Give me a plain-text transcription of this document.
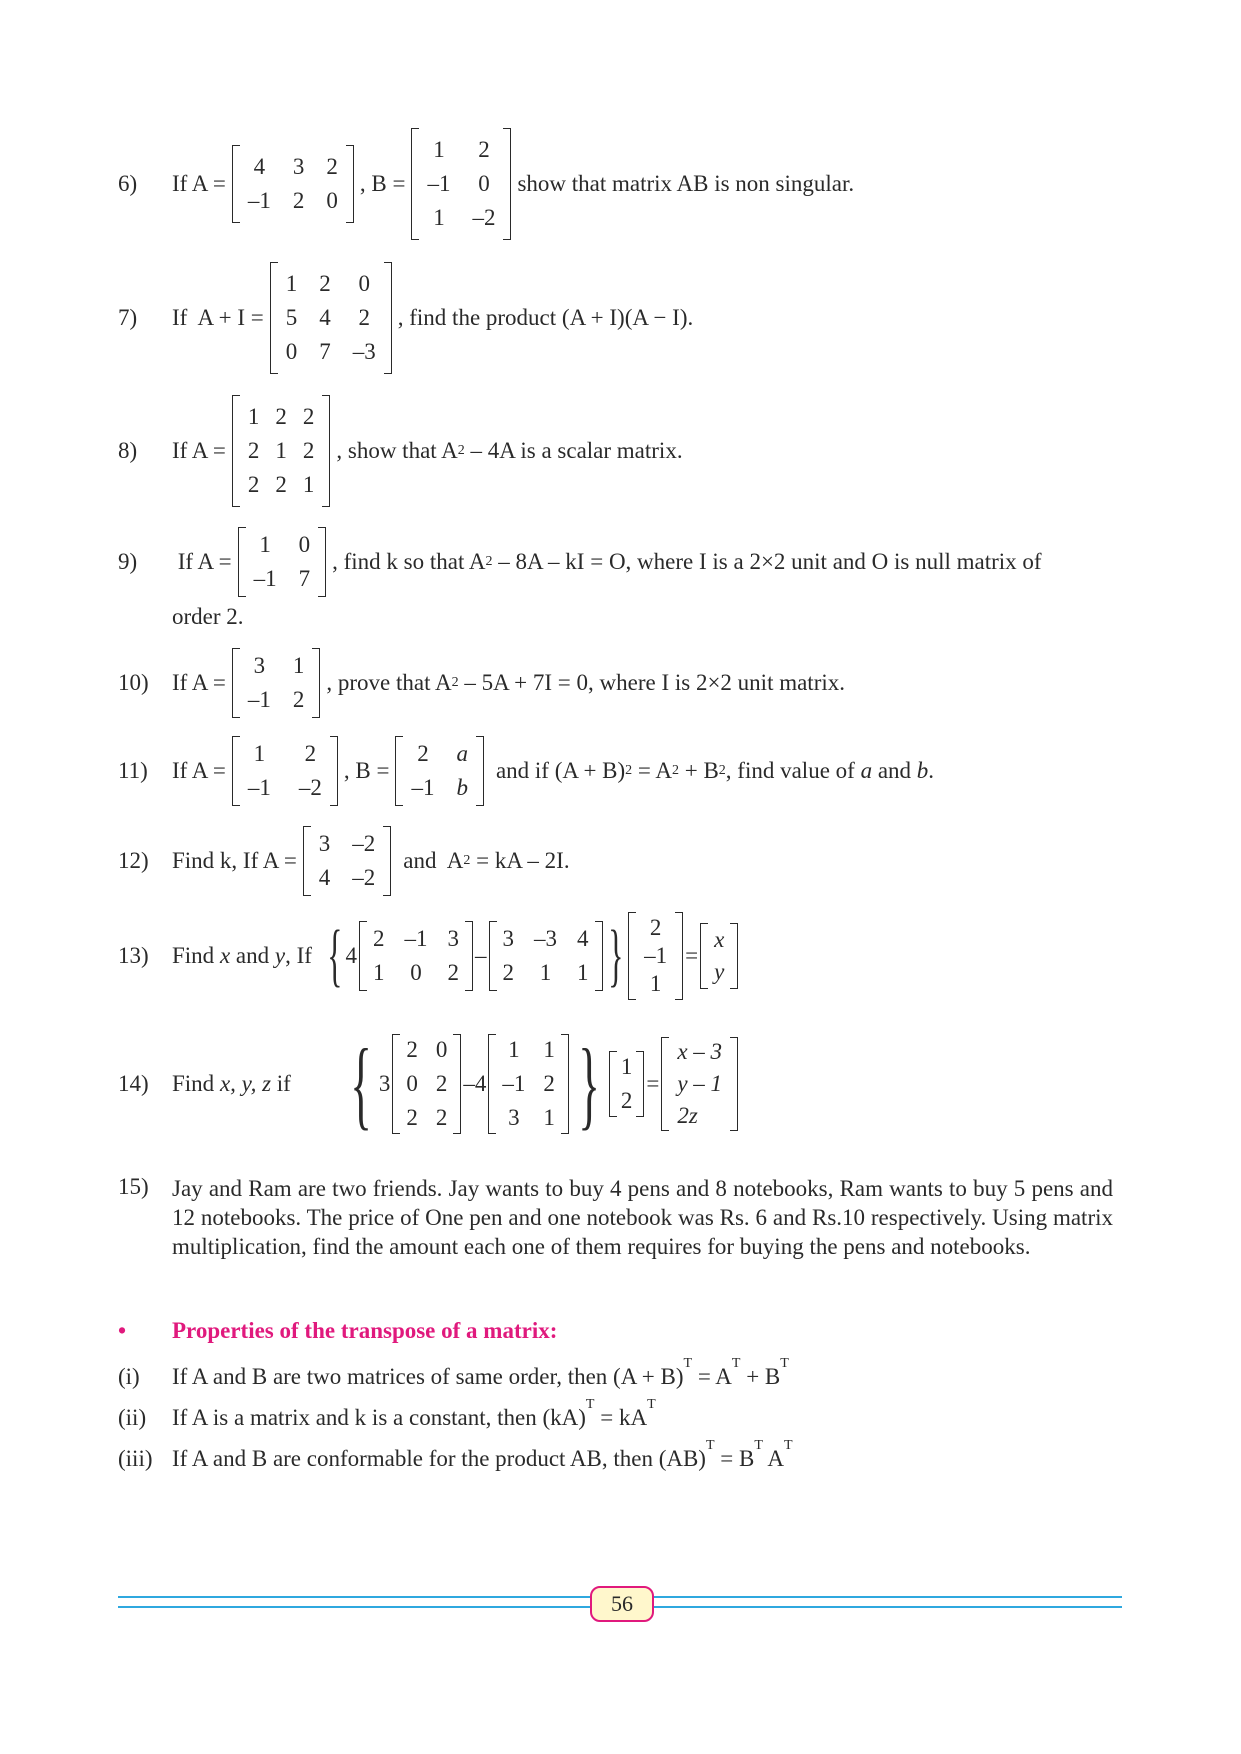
6)	If A =
4 3 2
–1 2 0
, B =
1 2
–1 0
1 –2
show that matrix AB is non singular.
7)	If  A + I =
1 2 0
5 4 2
0 7 –3
, find the product (A + I)(A − I).
8)	If A =
1 2 2
2 1 2
2 2 1
, show that A 2 – 4A is a scalar matrix.
9)	If A =
1 0
–1 7
, find k so that A 2 – 8A – kI = O, where I is a 2×2 unit and O is null matrix of
order 2.
10)	If A =
3 1
–1 2
, prove that A 2 – 5A + 7I = 0, where I is 2×2 unit matrix.
11)	If A =
1 2
–1 –2
, B =
2 a
–1 b
and if (A + B) 2 = A 2 + B 2 , find value of a and b .
12)	Find k, If A =
3 –2
4 –2
and  A 2 = kA – 2I.
13)	Find x and y , If { 4
2 –1 3
1 0 2
–
3 –3 4
2 1 1 } 2
–1
1
=
x
y
14)	Find x, y, z if { 3
2 0
0 2
2 2
–4
1 1
–1 2
3 1 } 1
2
=
x – 3
y – 1
2z
15) Jay and Ram are two friends. Jay wants to buy 4 pens and 8 notebooks, Ram wants to buy 5 pens and 12 notebooks. The price of One pen and one notebook was Rs. 6 and Rs.10 respectively. Using matrix multiplication, find the amount each one of them requires for buying the pens and notebooks.
•	Properties of the transpose of a matrix:
(i)	If A and B are two matrices of same order, then (A + B)
T
= A
T
+ B
T
(ii)	If A is a matrix and k is a constant, then (kA)
T
= kA
T
(iii) If A and B are conformable for the product AB, then (AB)
T
= B
T
A
T
56
